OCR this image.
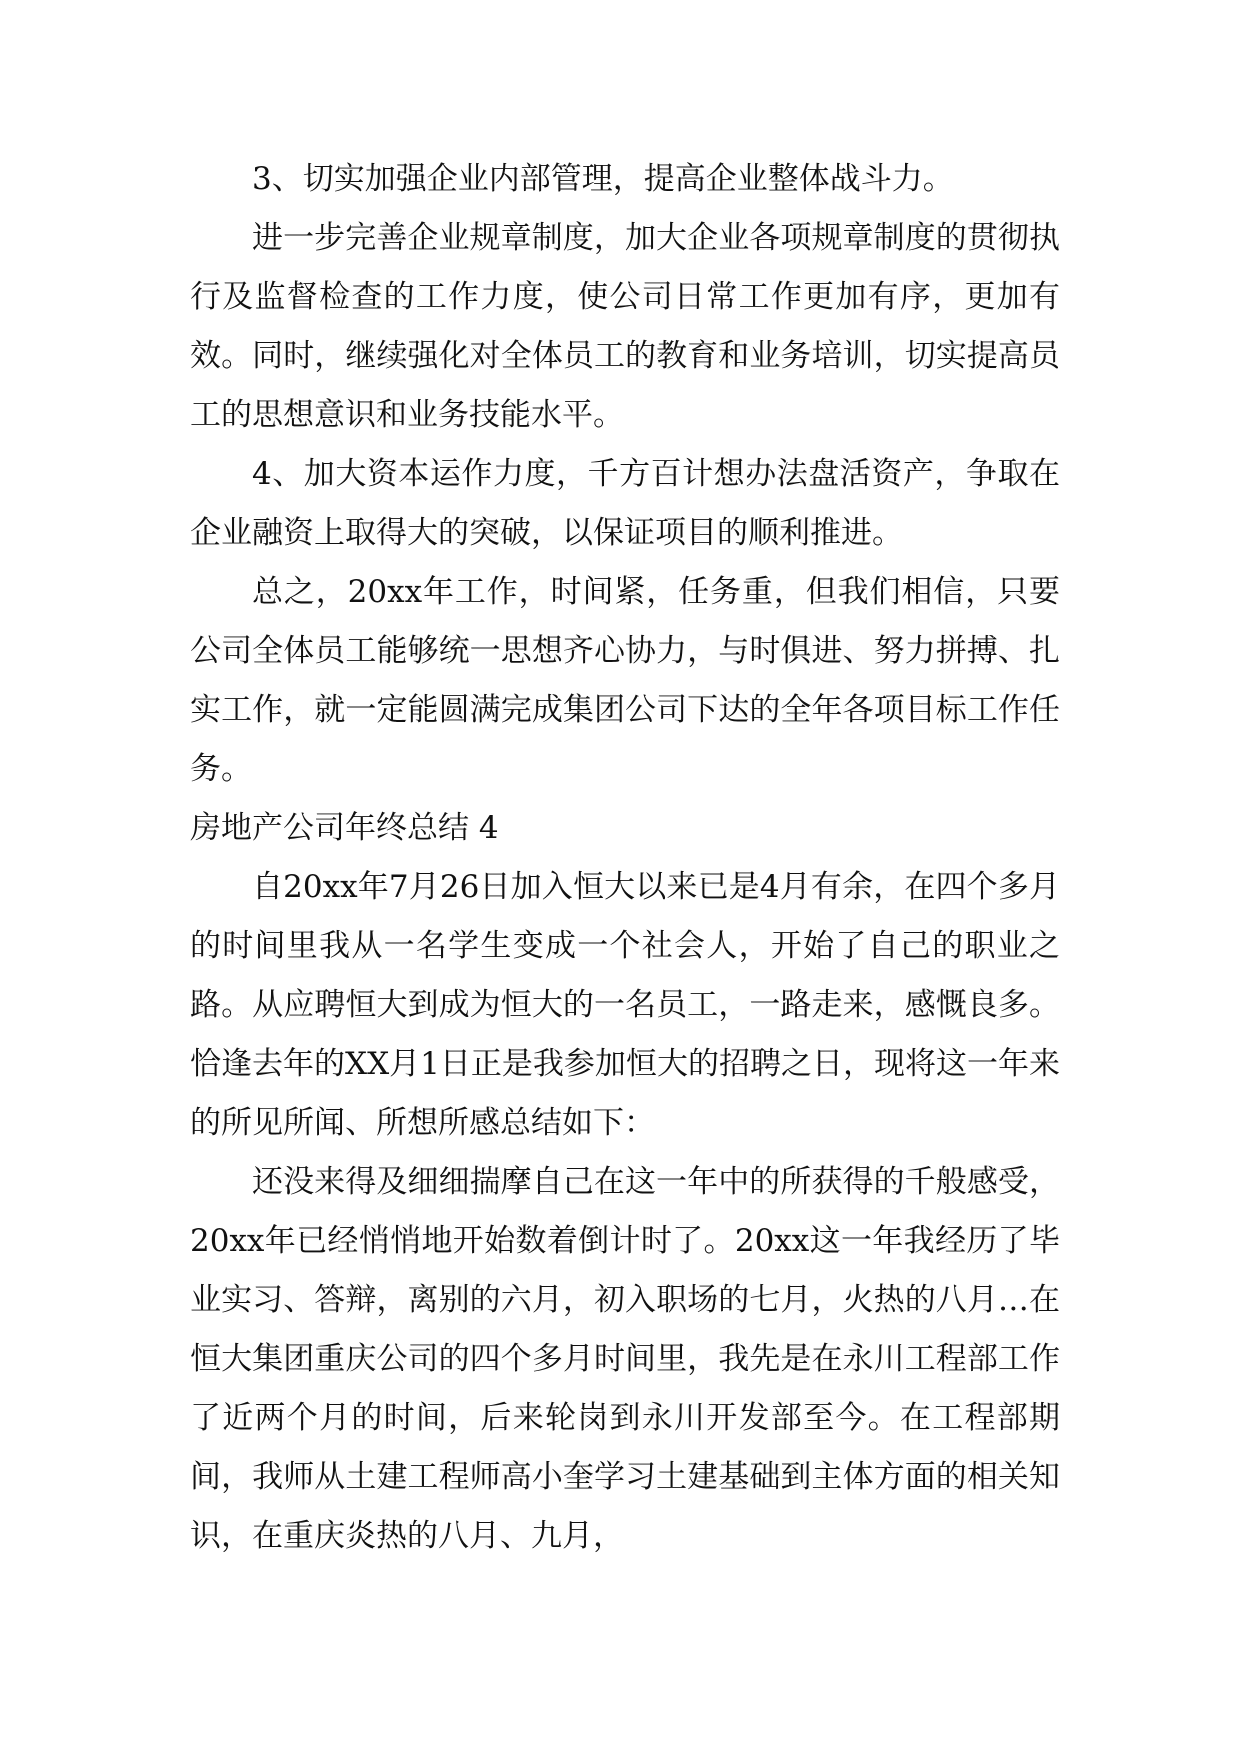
3、切实加强企业内部管理，提高企业整体战斗力。

进一步完善企业规章制度，加大企业各项规章制度的贯彻执行及监督检查的工作力度，使公司日常工作更加有序，更加有效。同时，继续强化对全体员工的教育和业务培训，切实提高员工的思想意识和业务技能水平。

4、加大资本运作力度，千方百计想办法盘活资产，争取在企业融资上取得大的突破，以保证项目的顺利推进。

总之，20xx年工作，时间紧，任务重，但我们相信，只要公司全体员工能够统一思想齐心协力，与时俱进、努力拼搏、扎实工作，就一定能圆满完成集团公司下达的全年各项目标工作任务。

房地产公司年终总结 4

自20xx年7月26日加入恒大以来已是4月有余，在四个多月的时间里我从一名学生变成一个社会人，开始了自己的职业之路。从应聘恒大到成为恒大的一名员工，一路走来，感慨良多。恰逢去年的XX月1日正是我参加恒大的招聘之日，现将这一年来的所见所闻、所想所感总结如下：

还没来得及细细揣摩自己在这一年中的所获得的千般感受，20xx年已经悄悄地开始数着倒计时了。20xx这一年我经历了毕业实习、答辩，离别的六月，初入职场的七月，火热的八月…在恒大集团重庆公司的四个多月时间里，我先是在永川工程部工作了近两个月的时间，后来轮岗到永川开发部至今。在工程部期间，我师从土建工程师高小奎学习土建基础到主体方面的相关知识，在重庆炎热的八月、九月，
